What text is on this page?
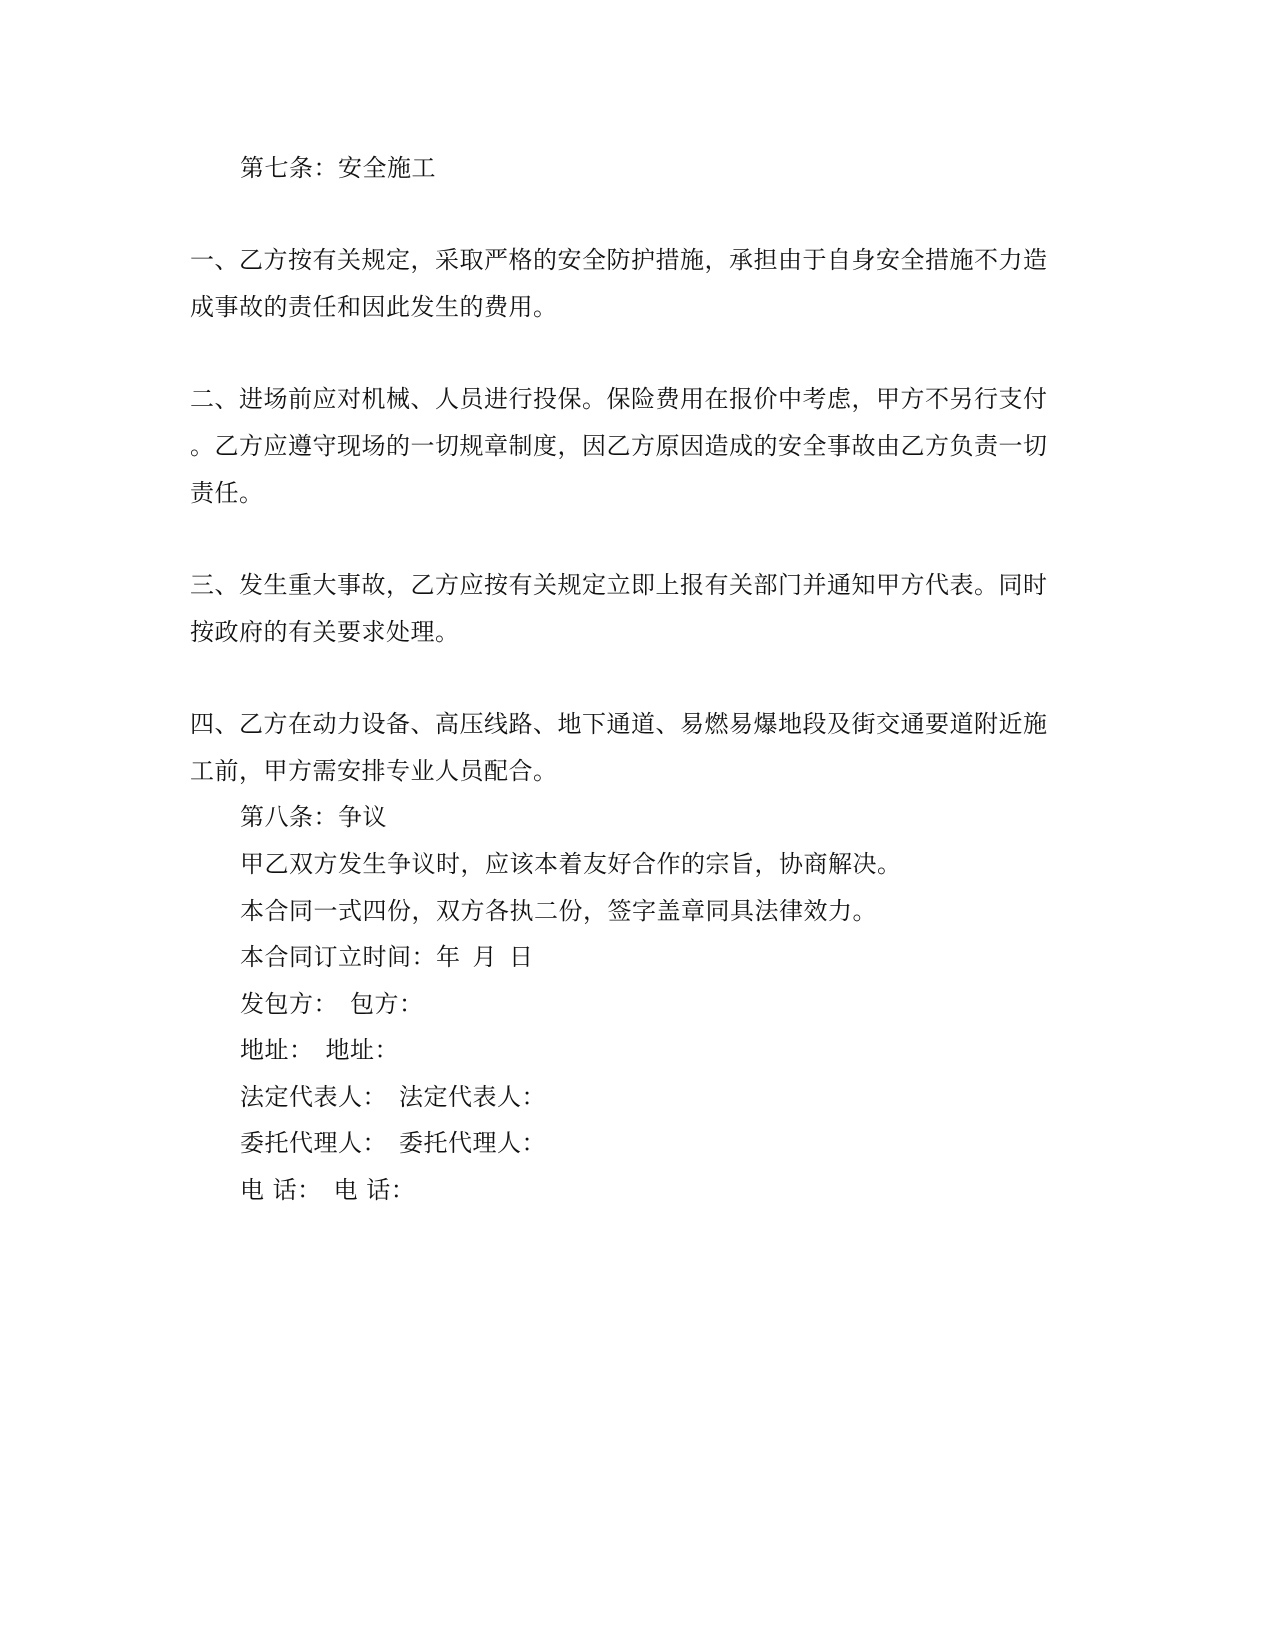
第七条：安全施工
一、乙方按有关规定，采取严格的安全防护措施，承担由于自身安全措施不力造
成事故的责任和因此发生的费用。
二、进场前应对机械、人员进行投保。保险费用在报价中考虑，甲方不另行支付
。乙方应遵守现场的一切规章制度，因乙方原因造成的安全事故由乙方负责一切
责任。
三、发生重大事故，乙方应按有关规定立即上报有关部门并通知甲方代表。同时
按政府的有关要求处理。
四、乙方在动力设备、高压线路、地下通道、易燃易爆地段及街交通要道附近施
工前，甲方需安排专业人员配合。
第八条：争议
甲乙双方发生争议时，应该本着友好合作的宗旨，协商解决。
本合同一式四份，双方各执二份，签字盖章同具法律效力。
本合同订立时间：年 月 日
发包方： 包方：
地址： 地址：
法定代表人： 法定代表人：
委托代理人： 委托代理人：
电 话： 电 话：
